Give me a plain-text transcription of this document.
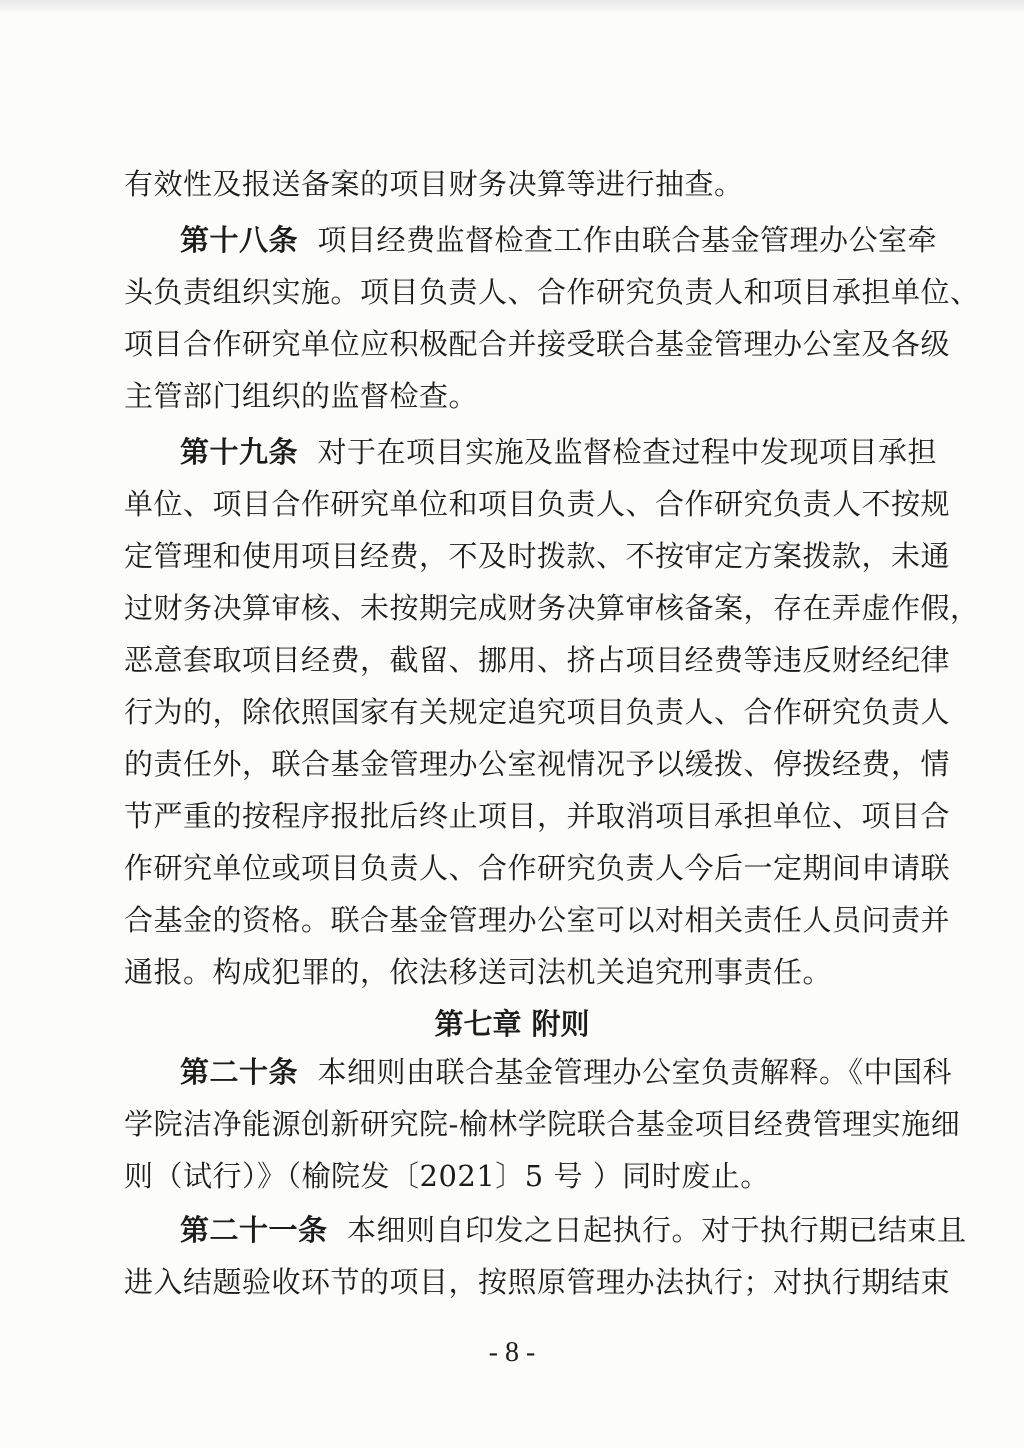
有效性及报送备案的项目财务决算等进行抽查。
第十八条 项目经费监督检查工作由联合基金管理办公室牵
头负责组织实施。项目负责人、合作研究负责人和项目承担单位、
项目合作研究单位应积极配合并接受联合基金管理办公室及各级
主管部门组织的监督检查。
第十九条 对于在项目实施及监督检查过程中发现项目承担
单位、项目合作研究单位和项目负责人、合作研究负责人不按规
定管理和使用项目经费，不及时拨款、不按审定方案拨款，未通
过财务决算审核、未按期完成财务决算审核备案，存在弄虚作假，
恶意套取项目经费，截留、挪用、挤占项目经费等违反财经纪律
行为的，除依照国家有关规定追究项目负责人、合作研究负责人
的责任外，联合基金管理办公室视情况予以缓拨、停拨经费，情
节严重的按程序报批后终止项目，并取消项目承担单位、项目合
作研究单位或项目负责人、合作研究负责人今后一定期间申请联
合基金的资格。联合基金管理办公室可以对相关责任人员问责并
通报。构成犯罪的，依法移送司法机关追究刑事责任。
第七章 附则
第二十条 本细则由联合基金管理办公室负责解释。《中国科
学院洁净能源创新研究院-榆林学院联合基金项目经费管理实施细
则（试行）》（榆院发〔2021〕5 号 ）同时废止。
第二十一条 本细则自印发之日起执行。对于执行期已结束且
进入结题验收环节的项目，按照原管理办法执行；对执行期结束
- 8 -
